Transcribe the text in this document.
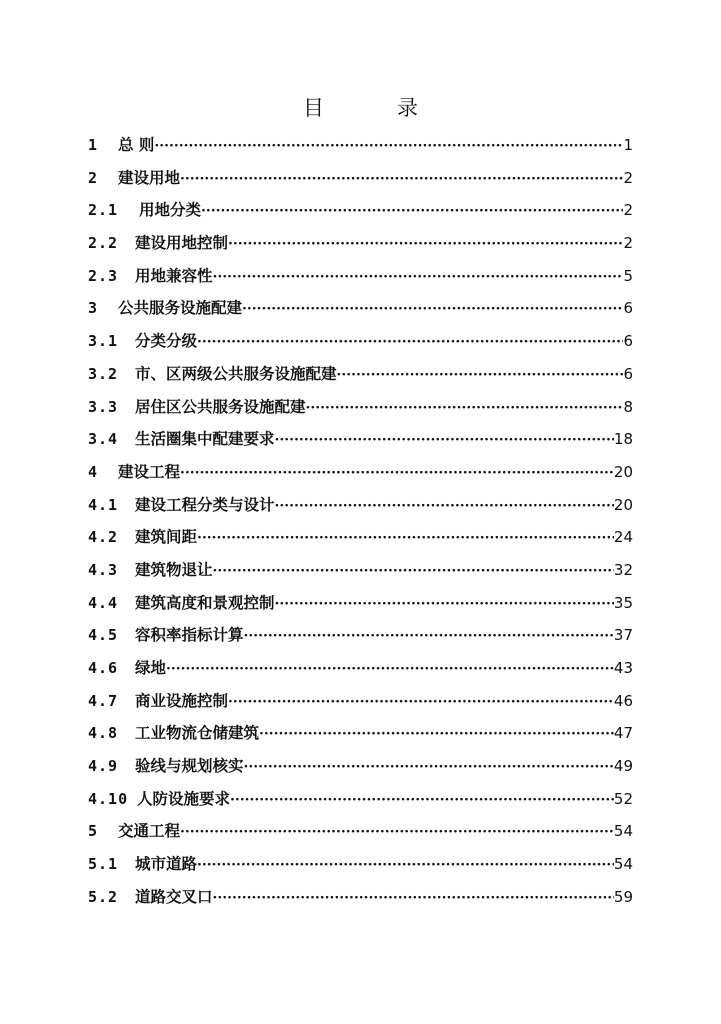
目　录
1	总 则 ·····	1
2	建设用地 ·····	2
2.1	用地分类 ·····	2
2.2	建设用地控制 ·····	2
2.3	用地兼容性 ·····	5
3	公共服务设施配建 ·····	6
3.1	分类分级 ·····	6
3.2	市、区两级公共服务设施配建 ·····	6
3.3	居住区公共服务设施配建 ·····	8
3.4	生活圈集中配建要求 ·····	18
4	建设工程 ·····	20
4.1	建设工程分类与设计 ·····	20
4.2	建筑间距 ·····	24
4.3	建筑物退让 ·····	32
4.4	建筑高度和景观控制 ·····	35
4.5	容积率指标计算 ·····	37
4.6	绿地 ·····	43
4.7	商业设施控制 ·····	46
4.8	工业物流仓储建筑 ·····	47
4.9	验线与规划核实 ·····	49
4.10 人防设施要求 ·····	52
5	交通工程 ·····	54
5.1	城市道路 ·····	54
5.2	道路交叉口 ·····	59
